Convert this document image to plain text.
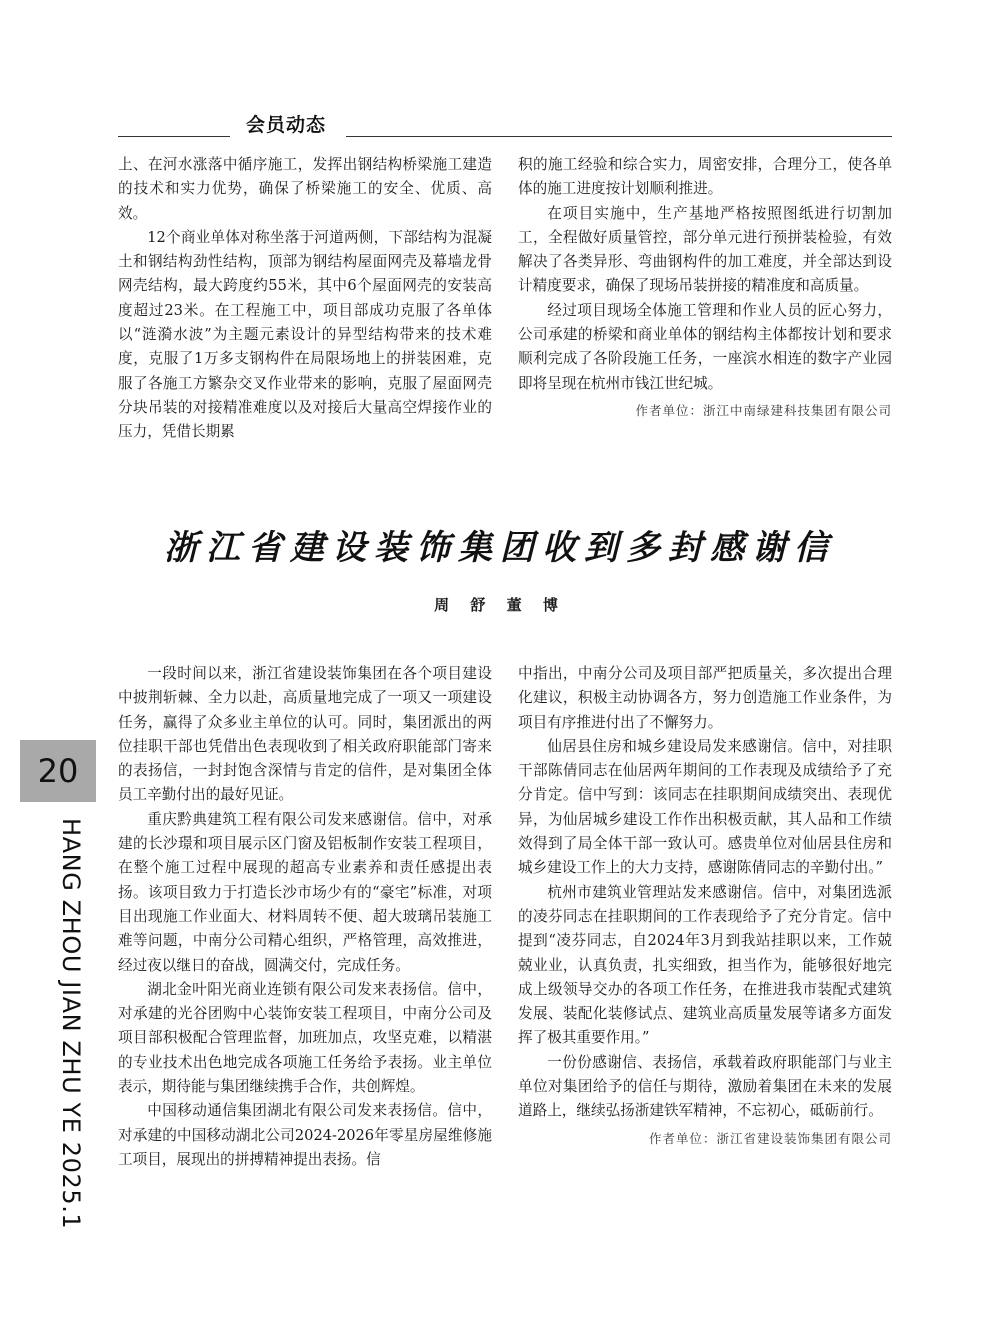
会员动态

上、在河水涨落中循序施工，发挥出钢结构桥梁施工建造的技术和实力优势，确保了桥梁施工的安全、优质、高效。

12个商业单体对称坐落于河道两侧，下部结构为混凝土和钢结构劲性结构，顶部为钢结构屋面网壳及幕墙龙骨网壳结构，最大跨度约55米，其中6个屋面网壳的安装高度超过23米。在工程施工中，项目部成功克服了各单体以“涟漪水波”为主题元素设计的异型结构带来的技术难度，克服了1万多支钢构件在局限场地上的拼装困难，克服了各施工方繁杂交叉作业带来的影响，克服了屋面网壳分块吊装的对接精准难度以及对接后大量高空焊接作业的压力，凭借长期累

积的施工经验和综合实力，周密安排，合理分工，使各单体的施工进度按计划顺利推进。

在项目实施中，生产基地严格按照图纸进行切割加工，全程做好质量管控，部分单元进行预拼装检验，有效解决了各类异形、弯曲钢构件的加工难度，并全部达到设计精度要求，确保了现场吊装拼接的精准度和高质量。

经过项目现场全体施工管理和作业人员的匠心努力，公司承建的桥梁和商业单体的钢结构主体都按计划和要求顺利完成了各阶段施工任务，一座滨水相连的数字产业园即将呈现在杭州市钱江世纪城。

作者单位：浙江中南绿建科技集团有限公司

浙江省建设装饰集团收到多封感谢信
周 舒 董 博
20
HANG ZHOU JIAN ZHU YE 2025.1

一段时间以来，浙江省建设装饰集团在各个项目建设中披荆斩棘、全力以赴，高质量地完成了一项又一项建设任务，赢得了众多业主单位的认可。同时，集团派出的两位挂职干部也凭借出色表现收到了相关政府职能部门寄来的表扬信，一封封饱含深情与肯定的信件，是对集团全体员工辛勤付出的最好见证。

重庆黔典建筑工程有限公司发来感谢信。信中，对承建的长沙璟和项目展示区门窗及铝板制作安装工程项目，在整个施工过程中展现的超高专业素养和责任感提出表扬。该项目致力于打造长沙市场少有的“豪宅”标准，对项目出现施工作业面大、材料周转不便、超大玻璃吊装施工难等问题，中南分公司精心组织，严格管理，高效推进，经过夜以继日的奋战，圆满交付，完成任务。

湖北金叶阳光商业连锁有限公司发来表扬信。信中，对承建的光谷团购中心装饰安装工程项目，中南分公司及项目部积极配合管理监督，加班加点，攻坚克难，以精湛的专业技术出色地完成各项施工任务给予表扬。业主单位表示，期待能与集团继续携手合作，共创辉煌。

中国移动通信集团湖北有限公司发来表扬信。信中，对承建的中国移动湖北公司2024-2026年零星房屋维修施工项目，展现出的拼搏精神提出表扬。信

中指出，中南分公司及项目部严把质量关，多次提出合理化建议，积极主动协调各方，努力创造施工作业条件，为项目有序推进付出了不懈努力。

仙居县住房和城乡建设局发来感谢信。信中，对挂职干部陈倩同志在仙居两年期间的工作表现及成绩给予了充分肯定。信中写到：该同志在挂职期间成绩突出、表现优异，为仙居城乡建设工作作出积极贡献，其人品和工作绩效得到了局全体干部一致认可。感贵单位对仙居县住房和城乡建设工作上的大力支持，感谢陈倩同志的辛勤付出。”

杭州市建筑业管理站发来感谢信。信中，对集团选派的凌芬同志在挂职期间的工作表现给予了充分肯定。信中提到“凌芬同志，自2024年3月到我站挂职以来，工作兢兢业业，认真负责，扎实细致，担当作为，能够很好地完成上级领导交办的各项工作任务，在推进我市装配式建筑发展、装配化装修试点、建筑业高质量发展等诸多方面发挥了极其重要作用。”

一份份感谢信、表扬信，承载着政府职能部门与业主单位对集团给予的信任与期待，激励着集团在未来的发展道路上，继续弘扬浙建铁军精神，不忘初心，砥砺前行。

作者单位：浙江省建设装饰集团有限公司
